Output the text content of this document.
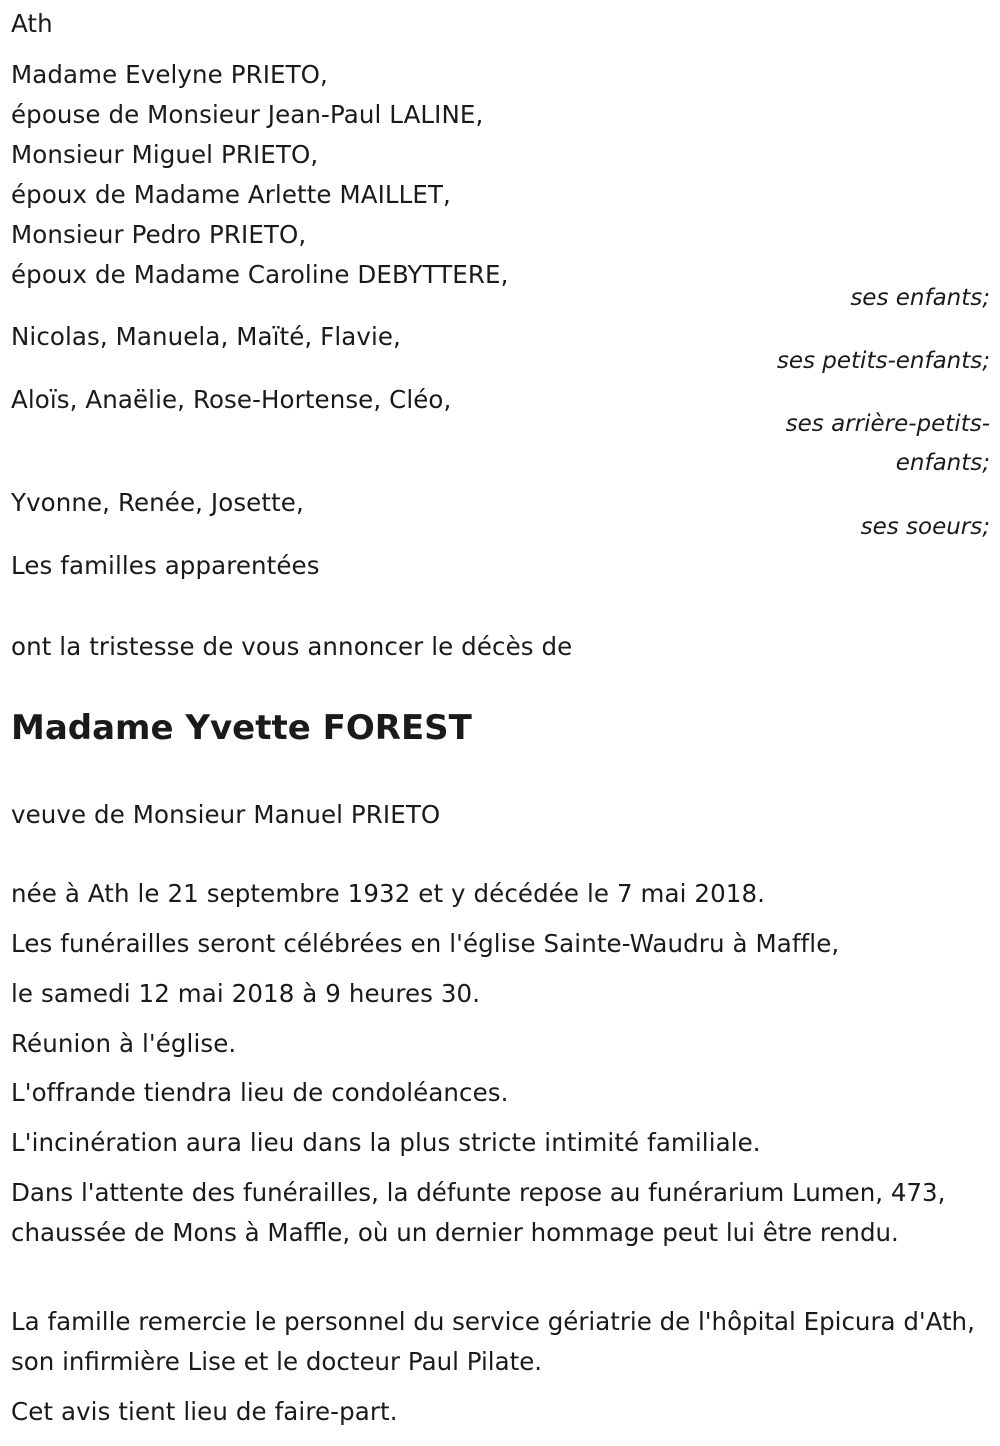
Ath
Madame Evelyne PRIETO,
épouse de Monsieur Jean-Paul LALINE,
Monsieur Miguel PRIETO,
époux de Madame Arlette MAILLET,
Monsieur Pedro PRIETO,
époux de Madame Caroline DEBYTTERE,
ses enfants;
Nicolas, Manuela, Maïté, Flavie,
ses petits-enfants;
Aloïs, Anaëlie, Rose-Hortense, Cléo,
ses arrière-petits-
enfants;
Yvonne, Renée, Josette,
ses soeurs;
Les familles apparentées
ont la tristesse de vous annoncer le décès de
Madame Yvette FOREST
veuve de Monsieur Manuel PRIETO
née à Ath le 21 septembre 1932 et y décédée le 7 mai 2018.
Les funérailles seront célébrées en l'église Sainte-Waudru à Maffle,
le samedi 12 mai 2018 à 9 heures 30.
Réunion à l'église.
L'offrande tiendra lieu de condoléances.
L'incinération aura lieu dans la plus stricte intimité familiale.
Dans l'attente des funérailles, la défunte repose au funérarium Lumen, 473, chaussée de Mons à Maffle, où un dernier hommage peut lui être rendu.
La famille remercie le personnel du service gériatrie de l'hôpital Epicura d'Ath, son infirmière Lise et le docteur Paul Pilate.
Cet avis tient lieu de faire-part.
